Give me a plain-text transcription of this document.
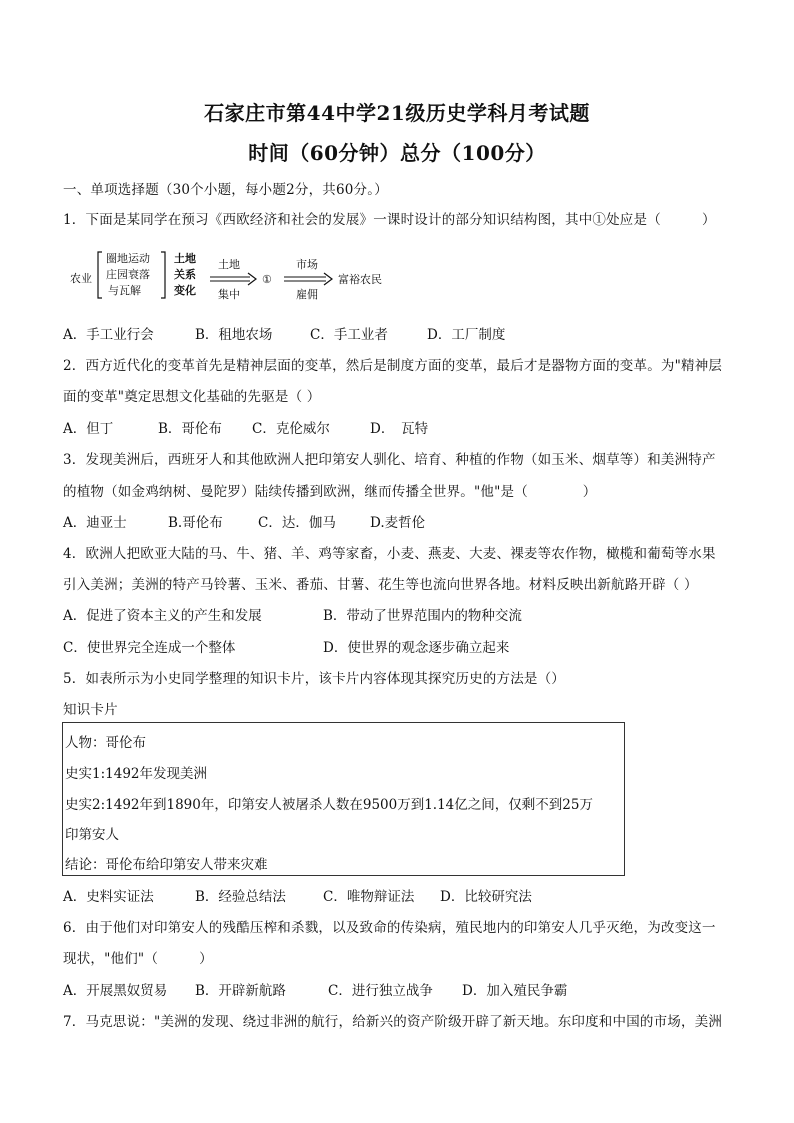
石家庄市第44中学21级历史学科月考试题
时间（60分钟）总分（100分）
一、单项选择题（30个小题，每小题2分，共60分。）
1．下面是某同学在预习《西欧经济和社会的发展》一课时设计的部分知识结构图，其中①处应是（　　　）
农业
圈地运动
庄园衰落
与瓦解
土地
关系
变化
土地
集中
①
市场
雇佣
富裕农民
A．手工业行会	B．租地农场	C．手工业者	D．工厂制度
2．西方近代化的变革首先是精神层面的变革，然后是制度方面的变革，最后才是器物方面的变革。为"精神层
面的变革"奠定思想文化基础的先驱是（ ）
A．但丁	B．哥伦布 C．克伦威尔	D．　瓦特
3．发现美洲后，西班牙人和其他欧洲人把印第安人驯化、培育、种植的作物（如玉米、烟草等）和美洲特产
的植物（如金鸡纳树、曼陀罗）陆续传播到欧洲，继而传播全世界。"他"是（　　　　）
A．迪亚士	B.哥伦布	C．达．伽马	D.麦哲伦
4．欧洲人把欧亚大陆的马、牛、猪、羊、鸡等家畜，小麦、燕麦、大麦、裸麦等农作物，橄榄和葡萄等水果
引入美洲；美洲的特产马铃薯、玉米、番茄、甘薯、花生等也流向世界各地。材料反映出新航路开辟（ ）
A．促进了资本主义的产生和发展	B．带动了世界范围内的物种交流
C．使世界完全连成一个整体	D．使世界的观念逐步确立起来
5．如表所示为小史同学整理的知识卡片，该卡片内容体现其探究历史的方法是（）
知识卡片
人物：哥伦布
史实1:1492年发现美洲
史实2:1492年到1890年，印第安人被屠杀人数在9500万到1.14亿之间，仅剩不到25万
印第安人
结论：哥伦布给印第安人带来灾难
A．史料实证法	B．经验总结法	C．唯物辩证法 D．比较研究法
6．由于他们对印第安人的残酷压榨和杀戮，以及致命的传染病，殖民地内的印第安人几乎灭绝，为改变这一
现状，"他们"（　　　）
A．开展黑奴贸易 B．开辟新航路	C．进行独立战争 D．加入殖民争霸
7．马克思说："美洲的发现、绕过非洲的航行，给新兴的资产阶级开辟了新天地。东印度和中国的市场，美洲
